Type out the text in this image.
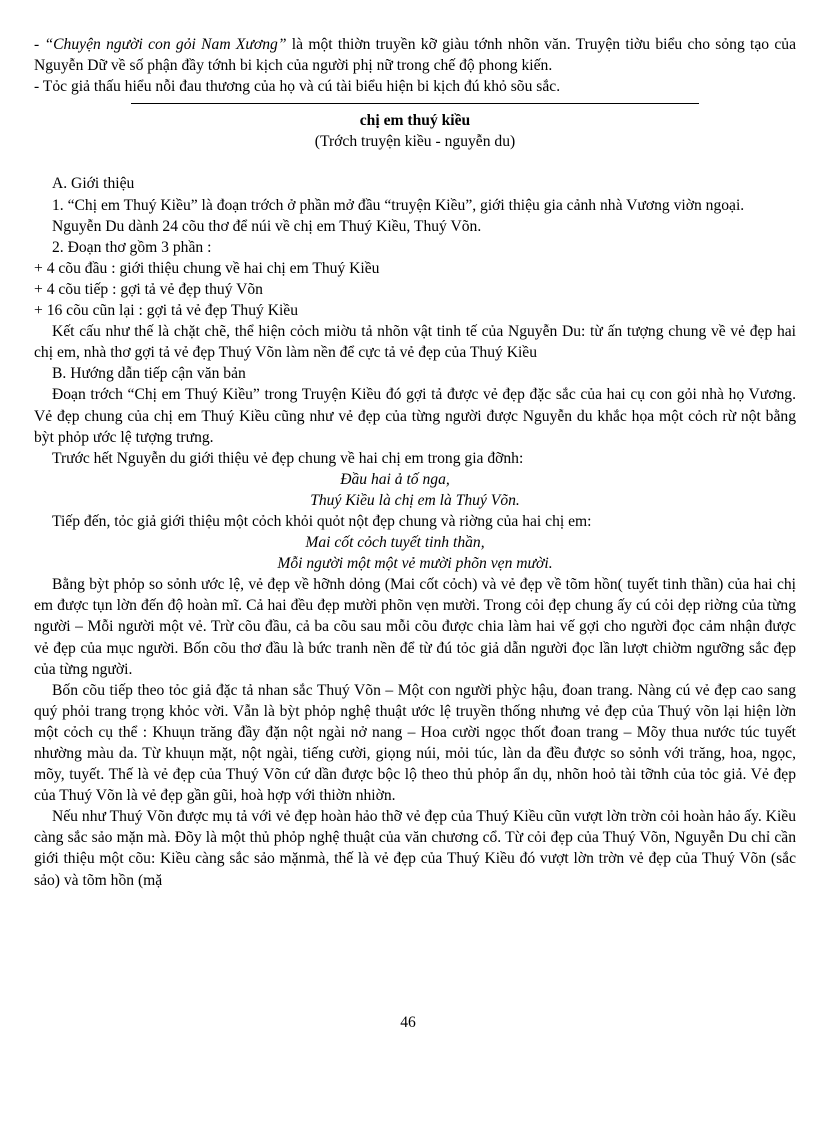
- “Chuyện người con gỏi Nam Xương” là một thiờn truyền kỡ giàu tớnh nhõn văn. Truyện tiờu biểu cho sỏng tạo của Nguyễn Dữ về số phận đầy tớnh bi kịch của người phị nữ trong chế độ phong kiến.

- Tỏc giả thấu hiểu nỗi đau thương của họ và cú tài biểu hiện bi kịch đú khỏ sõu sắc.

chị em thuý kiều

(Trớch truyện kiều - nguyễn du)

A. Giới thiệu

1. “Chị em Thuý Kiều” là đoạn trớch ở phần mở đầu “truyện Kiều”, giới thiệu gia cảnh nhà Vương viờn ngoại.

Nguyễn Du dành 24 cõu thơ để núi về chị em Thuý Kiều, Thuý Võn.

2. Đoạn thơ gồm 3 phần :

+ 4 cõu đầu : giới thiệu chung về hai chị em Thuý Kiều

+ 4 cõu tiếp : gợi tả vẻ đẹp thuý Võn

+ 16 cõu cũn lại : gợi tả vẻ đẹp Thuý Kiều

Kết cấu như thế là chặt chẽ, thể hiện cỏch miờu tả nhõn vật tinh tế của Nguyễn Du: từ ấn tượng chung về vẻ đẹp hai chị em, nhà thơ gợi tả vẻ đẹp Thuý Võn làm nền để cực tả vẻ đẹp của Thuý Kiều

B. Hướng dẫn tiếp cận văn bản

Đoạn trớch “Chị em Thuý Kiều” trong Truyện Kiều đó gợi tả được vẻ đẹp đặc sắc của hai cụ con gỏi nhà họ Vương. Vẻ đẹp chung của chị em Thuý Kiều cũng như vẻ đẹp của từng người được Nguyễn du khắc họa một cỏch rừ nột bằng bỳt phỏp ước lệ tượng trưng.

Trước hết Nguyễn du giới thiệu vẻ đẹp chung về hai chị em trong gia đỡnh:

Đầu hai ả tố nga,

Thuý Kiều là chị em là Thuý Võn.

Tiếp đến, tỏc giả giới thiệu một cỏch khỏi quỏt nột đẹp chung và riờng của hai chị em:

Mai cốt cỏch tuyết tinh thần,

Mỗi người một một vẻ mười phõn vẹn mười.

Bằng bỳt phỏp so sỏnh ước lệ, vẻ đẹp về hỡnh dỏng (Mai cốt cỏch) và vẻ đẹp về tõm hồn( tuyết tinh thần) của hai chị em được tụn lờn đến độ hoàn mĩ. Cả hai đều đẹp mười phõn vẹn mười. Trong cỏi đẹp chung ấy cú cỏi dẹp riờng của từng người – Mỗi người một vẻ. Trừ cõu đầu, cả ba cõu sau mỗi cõu được chia làm hai vế gợi cho người đọc cảm nhận được vẻ đẹp của mục người. Bốn cõu thơ đầu là bức tranh nền để từ đú tỏc giả dẫn người đọc lần lượt chiờm ngưỡng sắc đẹp của từng người.

Bốn cõu tiếp theo tỏc giả đặc tả nhan sắc Thuý Võn – Một con người phỳc hậu, đoan trang. Nàng cú vẻ đẹp cao sang quý phỏi trang trọng khỏc vời. Vẫn là bỳt phỏp nghệ thuật ước lệ truyền thống nhưng vẻ đẹp của Thuý võn lại hiện lờn một cỏch cụ thể : Khuụn trăng đầy đặn nột ngài nở nang – Hoa cười ngọc thốt đoan trang – Mõy thua nước túc tuyết nhường màu da. Từ khuụn mặt, nột ngài, tiếng cười, giọng núi, mỏi túc, làn da đều được so sỏnh với trăng, hoa, ngọc, mõy, tuyết. Thế là vẻ đẹp của Thuý Võn cứ dần được bộc lộ theo thủ phỏp ẩn dụ, nhõn hoỏ tài tỡnh của tỏc giả. Vẻ đẹp của Thuý Võn là vẻ đẹp gần gũi, hoà hợp với thiờn nhiờn.

Nếu như Thuý Võn được mụ tả với vẻ đẹp hoàn hảo thỡ vẻ đẹp của Thuý Kiều cũn vượt lờn trờn cỏi hoàn hảo ấy. Kiều càng sắc sảo mặn mà. Đõy là một thủ phỏp nghệ thuật của văn chương cổ. Từ cỏi đẹp của Thuý Võn, Nguyễn Du chỉ cần giới thiệu một cõu: Kiều càng sắc sảo mặnmà, thế là vẻ đẹp của Thuý Kiều đó vượt lờn trờn vẻ đẹp của Thuý Võn (sắc sảo) và tõm hồn (mặ

46
